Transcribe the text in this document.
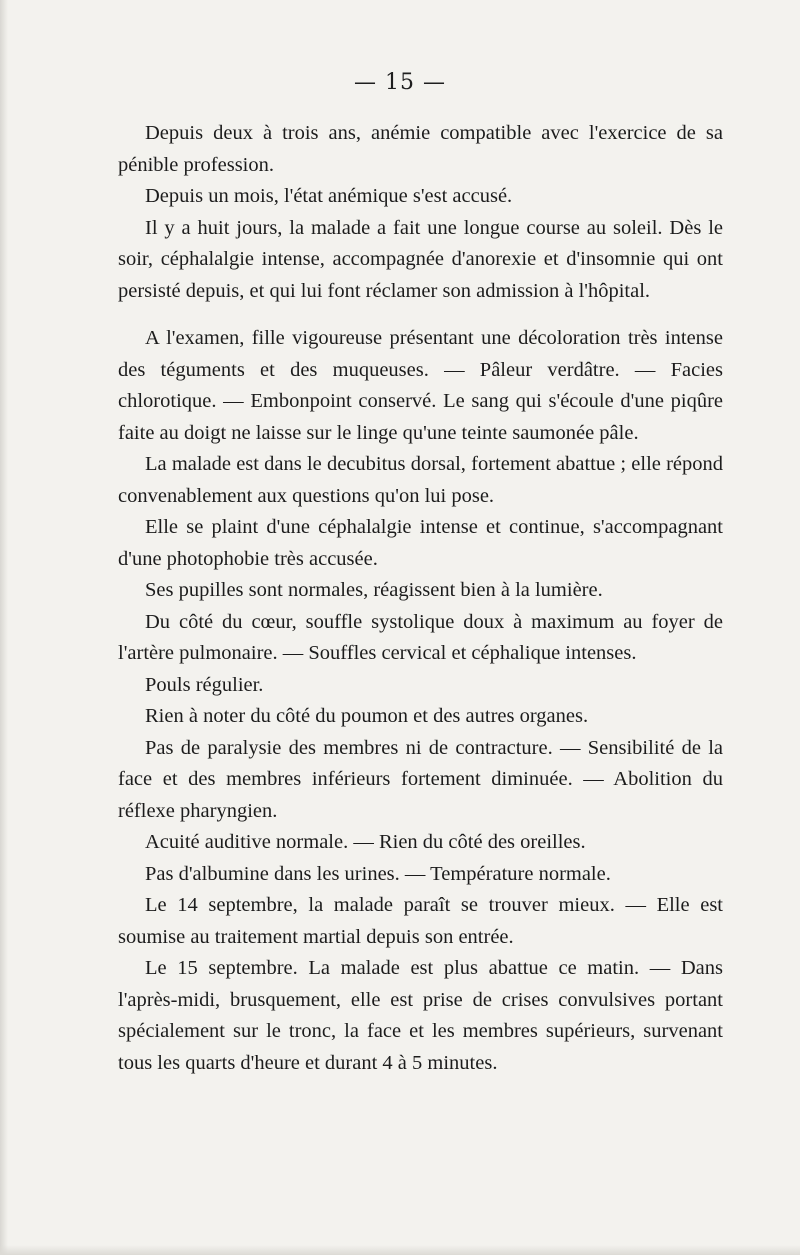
— 15 —

Depuis deux à trois ans, anémie compatible avec l'exercice de sa pénible profession.

Depuis un mois, l'état anémique s'est accusé.

Il y a huit jours, la malade a fait une longue course au soleil. Dès le soir, céphalalgie intense, accompagnée d'anorexie et d'insomnie qui ont persisté depuis, et qui lui font réclamer son admission à l'hôpital.

A l'examen, fille vigoureuse présentant une décoloration très intense des téguments et des muqueuses. — Pâleur verdâtre. — Facies chlorotique. — Embonpoint conservé. Le sang qui s'écoule d'une piqûre faite au doigt ne laisse sur le linge qu'une teinte saumonée pâle.

La malade est dans le decubitus dorsal, fortement abattue ; elle répond convenablement aux questions qu'on lui pose.

Elle se plaint d'une céphalalgie intense et continue, s'accompagnant d'une photophobie très accusée.

Ses pupilles sont normales, réagissent bien à la lumière.

Du côté du cœur, souffle systolique doux à maximum au foyer de l'artère pulmonaire. — Souffles cervical et céphalique intenses.

Pouls régulier.

Rien à noter du côté du poumon et des autres organes.

Pas de paralysie des membres ni de contracture. — Sensibilité de la face et des membres inférieurs fortement diminuée. — Abolition du réflexe pharyngien.

Acuité auditive normale. — Rien du côté des oreilles.

Pas d'albumine dans les urines. — Température normale.

Le 14 septembre, la malade paraît se trouver mieux. — Elle est soumise au traitement martial depuis son entrée.

Le 15 septembre. La malade est plus abattue ce matin. — Dans l'après-midi, brusquement, elle est prise de crises convulsives portant spécialement sur le tronc, la face et les membres supérieurs, survenant tous les quarts d'heure et durant 4 à 5 minutes.
